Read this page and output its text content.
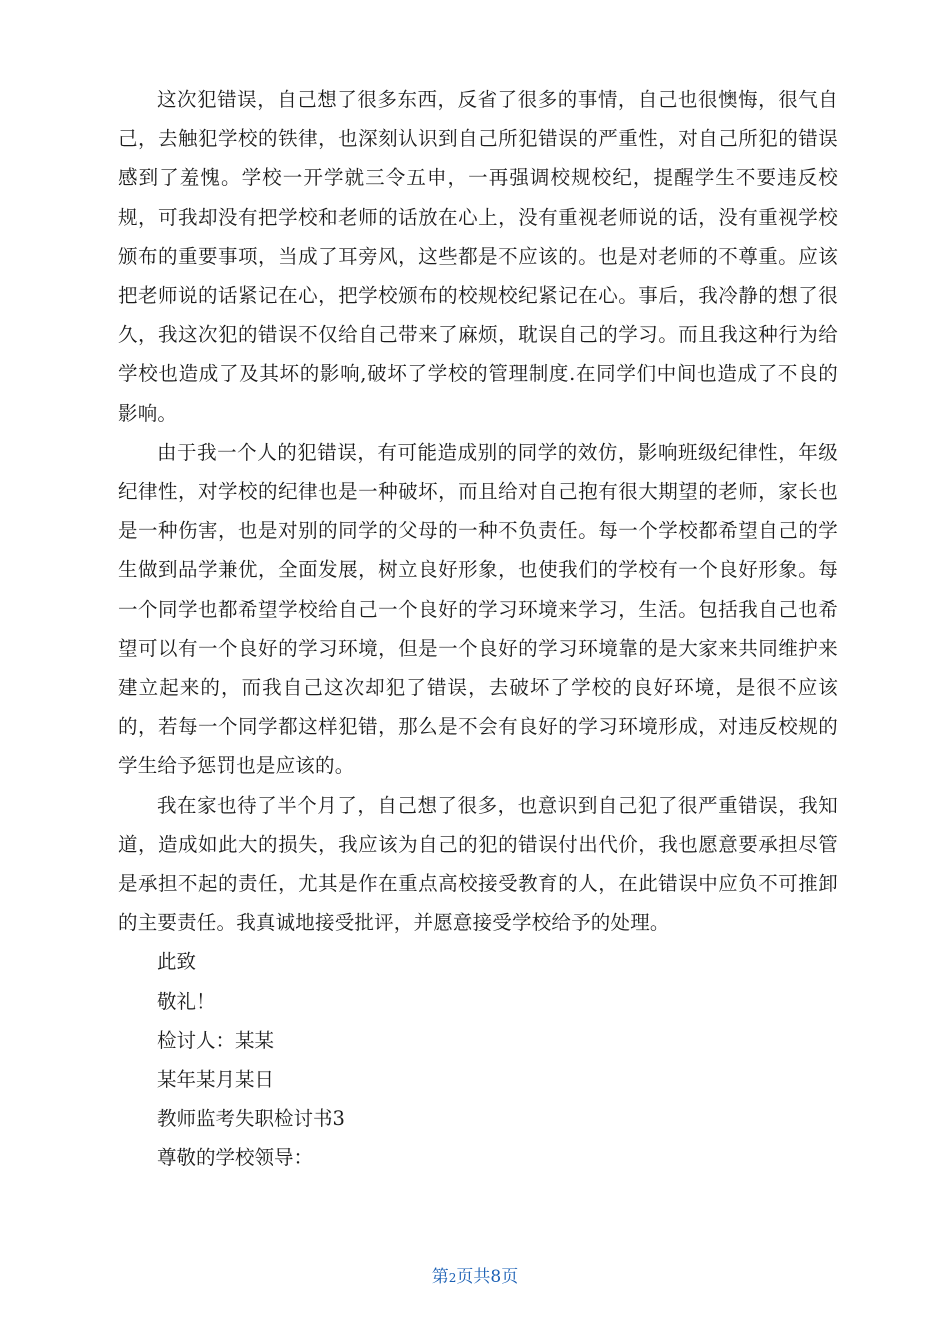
这次犯错误，自己想了很多东西，反省了很多的事情，自己也很懊悔，很气自己，去触犯学校的铁律，也深刻认识到自己所犯错误的严重性，对自己所犯的错误感到了羞愧。学校一开学就三令五申，一再强调校规校纪，提醒学生不要违反校规，可我却没有把学校和老师的话放在心上，没有重视老师说的话，没有重视学校颁布的重要事项，当成了耳旁风，这些都是不应该的。也是对老师的不尊重。应该把老师说的话紧记在心，把学校颁布的校规校纪紧记在心。事后，我冷静的想了很久，我这次犯的错误不仅给自己带来了麻烦，耽误自己的学习。而且我这种行为给学校也造成了及其坏的影响,破坏了学校的管理制度.在同学们中间也造成了不良的影响。

由于我一个人的犯错误，有可能造成别的同学的效仿，影响班级纪律性，年级纪律性，对学校的纪律也是一种破坏，而且给对自己抱有很大期望的老师，家长也是一种伤害，也是对别的同学的父母的一种不负责任。每一个学校都希望自己的学生做到品学兼优，全面发展，树立良好形象，也使我们的学校有一个良好形象。每一个同学也都希望学校给自己一个良好的学习环境来学习，生活。包括我自己也希望可以有一个良好的学习环境，但是一个良好的学习环境靠的是大家来共同维护来建立起来的，而我自己这次却犯了错误，去破坏了学校的良好环境，是很不应该的，若每一个同学都这样犯错，那么是不会有良好的学习环境形成，对违反校规的学生给予惩罚也是应该的。

我在家也待了半个月了，自己想了很多，也意识到自己犯了很严重错误，我知道，造成如此大的损失，我应该为自己的犯的错误付出代价，我也愿意要承担尽管是承担不起的责任，尤其是作在重点高校接受教育的人，在此错误中应负不可推卸的主要责任。我真诚地接受批评，并愿意接受学校给予的处理。

此致

敬礼！

检讨人：某某

某年某月某日

教师监考失职检讨书3

尊敬的学校领导：

第2页共8页
